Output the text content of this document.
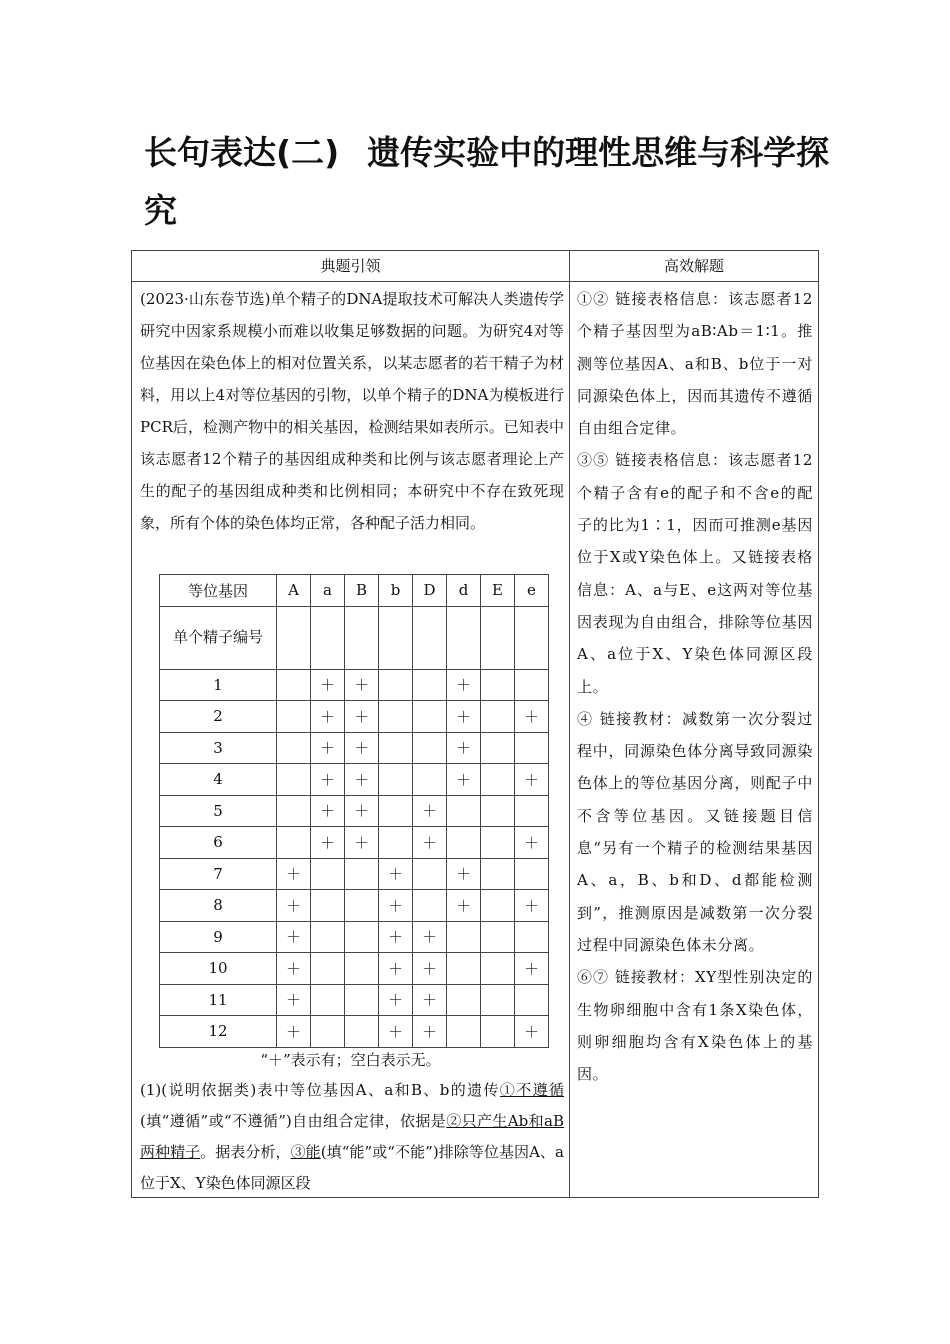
长句表达(二) 遗传实验中的理性思维与科学探究
典题引领	高效解题

(2023·山东卷节选)单个精子的DNA提取技术可解决人类遗传学研究中因家系规模小而难以收集足够数据的问题。为研究4对等位基因在染色体上的相对位置关系，以某志愿者的若干精子为材料，用以上4对等位基因的引物，以单个精子的DNA为模板进行PCR后，检测产物中的相关基因，检测结果如表所示。已知表中该志愿者12个精子的基因组成种类和比例与该志愿者理论上产生的配子的基因组成种类和比例相同；本研究中不存在致死现象，所有个体的染色体均正常，各种配子活力相同。

等位基因	A	a	B	b	D	d	E	e
单个精子编号								
1		＋	＋			＋		
2		＋	＋			＋		＋
3		＋	＋			＋		
4		＋	＋			＋		＋
5		＋	＋		＋			
6		＋	＋		＋			＋
7	＋			＋		＋		
8	＋			＋		＋		＋
9	＋			＋	＋			
10	＋			＋	＋			＋
11	＋			＋	＋			
12	＋			＋	＋			＋
“＋”表示有；空白表示无。

(1)(说明依据类)表中等位基因A、a和B、b的遗传①不遵循(填“遵循”或“不遵循”)自由组合定律，依据是②只产生Ab和aB两种精子。据表分析，③能(填“能”或“不能”)排除等位基因A、a位于X、Y染色体同源区段

①② 链接表格信息：该志愿者12个精子基因型为aB∶Ab＝1∶1。推测等位基因A、a和B、b位于一对同源染色体上，因而其遗传不遵循自由组合定律。

③⑤ 链接表格信息：该志愿者12个精子含有e的配子和不含e的配子的比为1∶1，因而可推测e基因位于X或Y染色体上。又链接表格信息：A、a与E、e这两对等位基因表现为自由组合，排除等位基因A、a位于X、Y染色体同源区段上。

④ 链接教材：减数第一次分裂过程中，同源染色体分离导致同源染色体上的等位基因分离，则配子中不含等位基因。又链接题目信息“另有一个精子的检测结果基因A、a，B、b和D、d都能检测到”，推测原因是减数第一次分裂过程中同源染色体未分离。

⑥⑦ 链接教材：XY型性别决定的生物卵细胞中含有1条X染色体，则卵细胞均含有X染色体上的基因。
